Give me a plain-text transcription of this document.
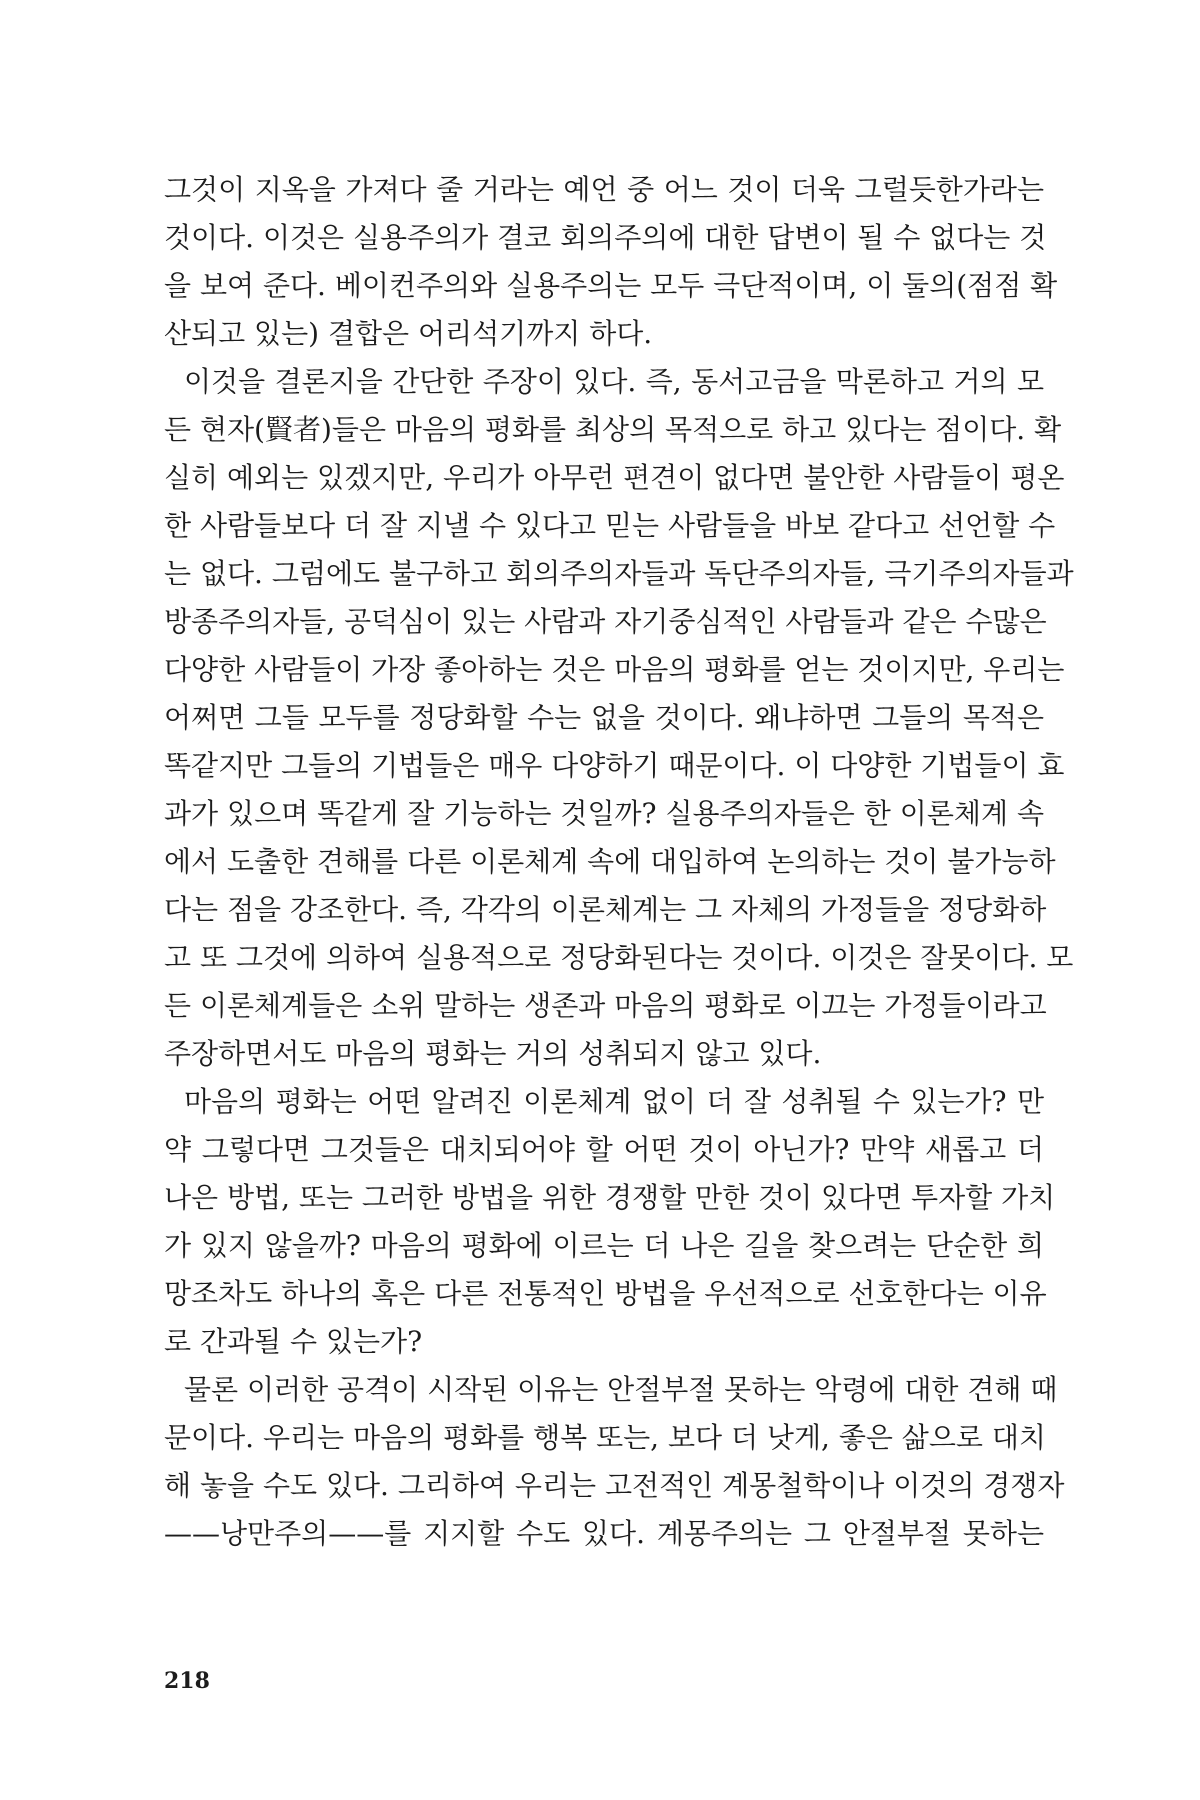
그것이 지옥을 가져다 줄 거라는 예언 중 어느 것이 더욱 그럴듯한가라는
것이다. 이것은 실용주의가 결코 회의주의에 대한 답변이 될 수 없다는 것
을 보여 준다. 베이컨주의와 실용주의는 모두 극단적이며, 이 둘의(점점 확
산되고 있는) 결합은 어리석기까지 하다.
이것을 결론지을 간단한 주장이 있다. 즉, 동서고금을 막론하고 거의 모
든 현자(賢者)들은 마음의 평화를 최상의 목적으로 하고 있다는 점이다. 확
실히 예외는 있겠지만, 우리가 아무런 편견이 없다면 불안한 사람들이 평온
한 사람들보다 더 잘 지낼 수 있다고 믿는 사람들을 바보 같다고 선언할 수
는 없다. 그럼에도 불구하고 회의주의자들과 독단주의자들, 극기주의자들과
방종주의자들, 공덕심이 있는 사람과 자기중심적인 사람들과 같은 수많은
다양한 사람들이 가장 좋아하는 것은 마음의 평화를 얻는 것이지만, 우리는
어쩌면 그들 모두를 정당화할 수는 없을 것이다. 왜냐하면 그들의 목적은
똑같지만 그들의 기법들은 매우 다양하기 때문이다. 이 다양한 기법들이 효
과가 있으며 똑같게 잘 기능하는 것일까? 실용주의자들은 한 이론체계 속
에서 도출한 견해를 다른 이론체계 속에 대입하여 논의하는 것이 불가능하
다는 점을 강조한다. 즉, 각각의 이론체계는 그 자체의 가정들을 정당화하
고 또 그것에 의하여 실용적으로 정당화된다는 것이다. 이것은 잘못이다. 모
든 이론체계들은 소위 말하는 생존과 마음의 평화로 이끄는 가정들이라고
주장하면서도 마음의 평화는 거의 성취되지 않고 있다.
마음의 평화는 어떤 알려진 이론체계 없이 더 잘 성취될 수 있는가? 만
약 그렇다면 그것들은 대치되어야 할 어떤 것이 아닌가? 만약 새롭고 더
나은 방법, 또는 그러한 방법을 위한 경쟁할 만한 것이 있다면 투자할 가치
가 있지 않을까? 마음의 평화에 이르는 더 나은 길을 찾으려는 단순한 희
망조차도 하나의 혹은 다른 전통적인 방법을 우선적으로 선호한다는 이유
로 간과될 수 있는가?
물론 이러한 공격이 시작된 이유는 안절부절 못하는 악령에 대한 견해 때
문이다. 우리는 마음의 평화를 행복 또는, 보다 더 낫게, 좋은 삶으로 대치
해 놓을 수도 있다. 그리하여 우리는 고전적인 계몽철학이나 이것의 경쟁자
——낭만주의——를 지지할 수도 있다. 계몽주의는 그 안절부절 못하는
218
